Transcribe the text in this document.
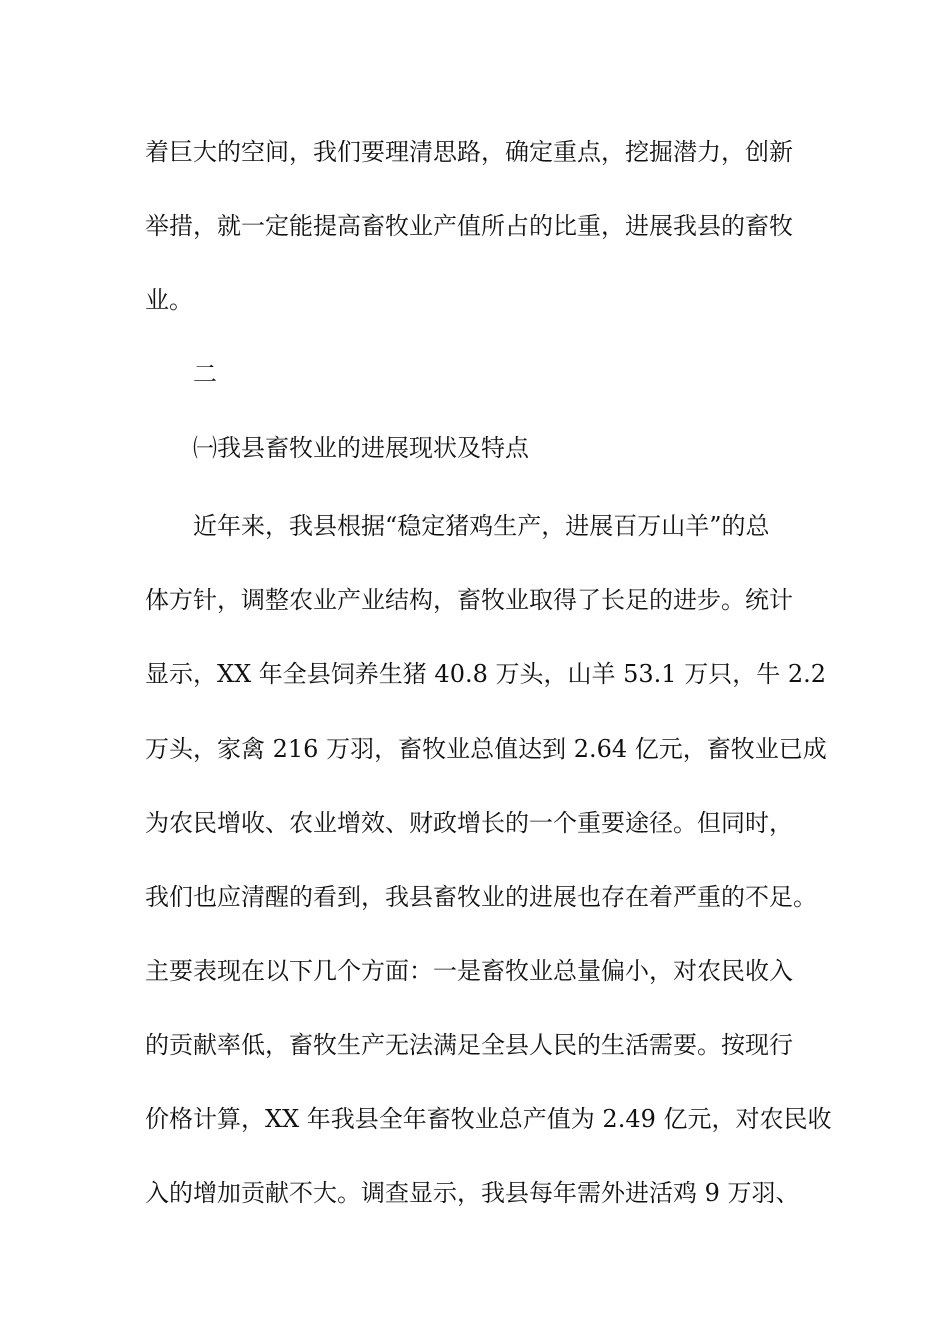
着巨大的空间，我们要理清思路，确定重点，挖掘潜力，创新
举措，就一定能提高畜牧业产值所占的比重，进展我县的畜牧
业。
二
㈠我县畜牧业的进展现状及特点
近年来，我县根据“稳定猪鸡生产，进展百万山羊”的总
体方针，调整农业产业结构，畜牧业取得了长足的进步。统计
显示，XX 年全县饲养生猪 40.8 万头，山羊 53.1 万只，牛 2.2
万头，家禽 216 万羽，畜牧业总值达到 2.64 亿元，畜牧业已成
为农民增收、农业增效、财政增长的一个重要途径。但同时，
我们也应清醒的看到，我县畜牧业的进展也存在着严重的不足。
主要表现在以下几个方面：一是畜牧业总量偏小，对农民收入
的贡献率低，畜牧生产无法满足全县人民的生活需要。按现行
价格计算，XX 年我县全年畜牧业总产值为 2.49 亿元，对农民收
入的增加贡献不大。调查显示，我县每年需外进活鸡 9 万羽、
